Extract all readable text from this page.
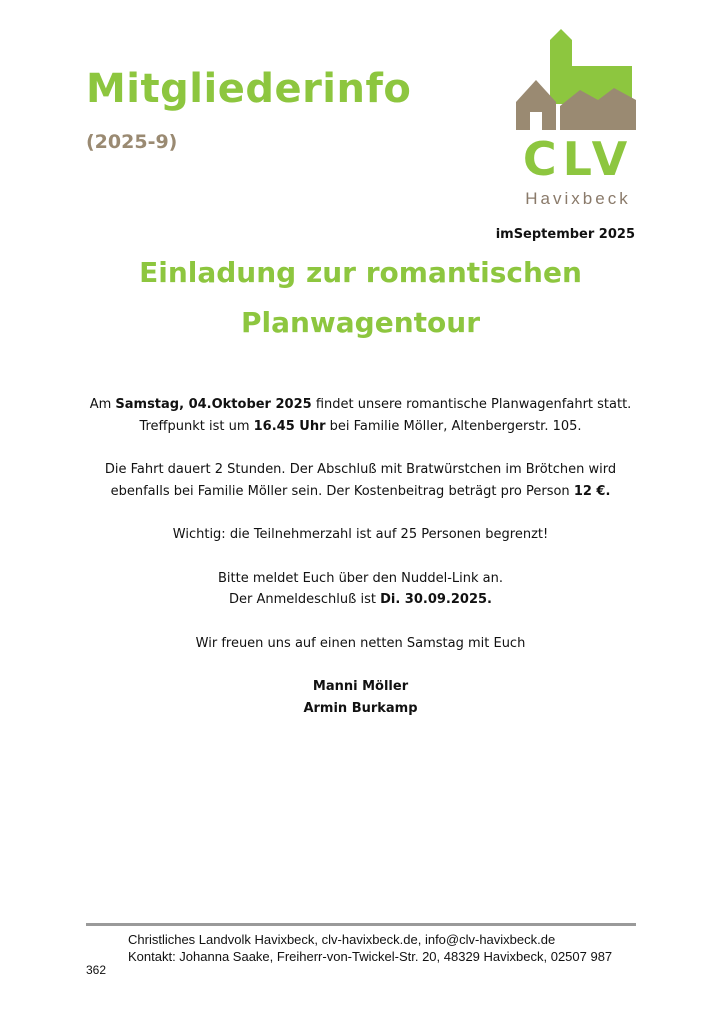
Mitgliederinfo
(2025-9)	CLV
Havixbeck
imSeptember 2025
Einladung zur romantischen
Planwagentour

Am Samstag, 04.Oktober 2025 findet unsere romantische Planwagenfahrt statt.
Treffpunkt ist um 16.45 Uhr bei Familie Möller, Altenbergerstr. 105.

Die Fahrt dauert 2 Stunden. Der Abschluß mit Bratwürstchen im Brötchen wird
ebenfalls bei Familie Möller sein. Der Kostenbeitrag beträgt pro Person 12 €.

Wichtig: die Teilnehmerzahl ist auf 25 Personen begrenzt!

Bitte meldet Euch über den Nuddel-Link an.
Der Anmeldeschluß ist Di. 30.09.2025.

Wir freuen uns auf einen netten Samstag mit Euch

Manni Möller
Armin Burkamp

Christliches Landvolk Havixbeck, clv-havixbeck.de, info@clv-havixbeck.de
Kontakt: Johanna Saake, Freiherr-von-Twickel-Str. 20, 48329 Havixbeck, 02507 987
362
